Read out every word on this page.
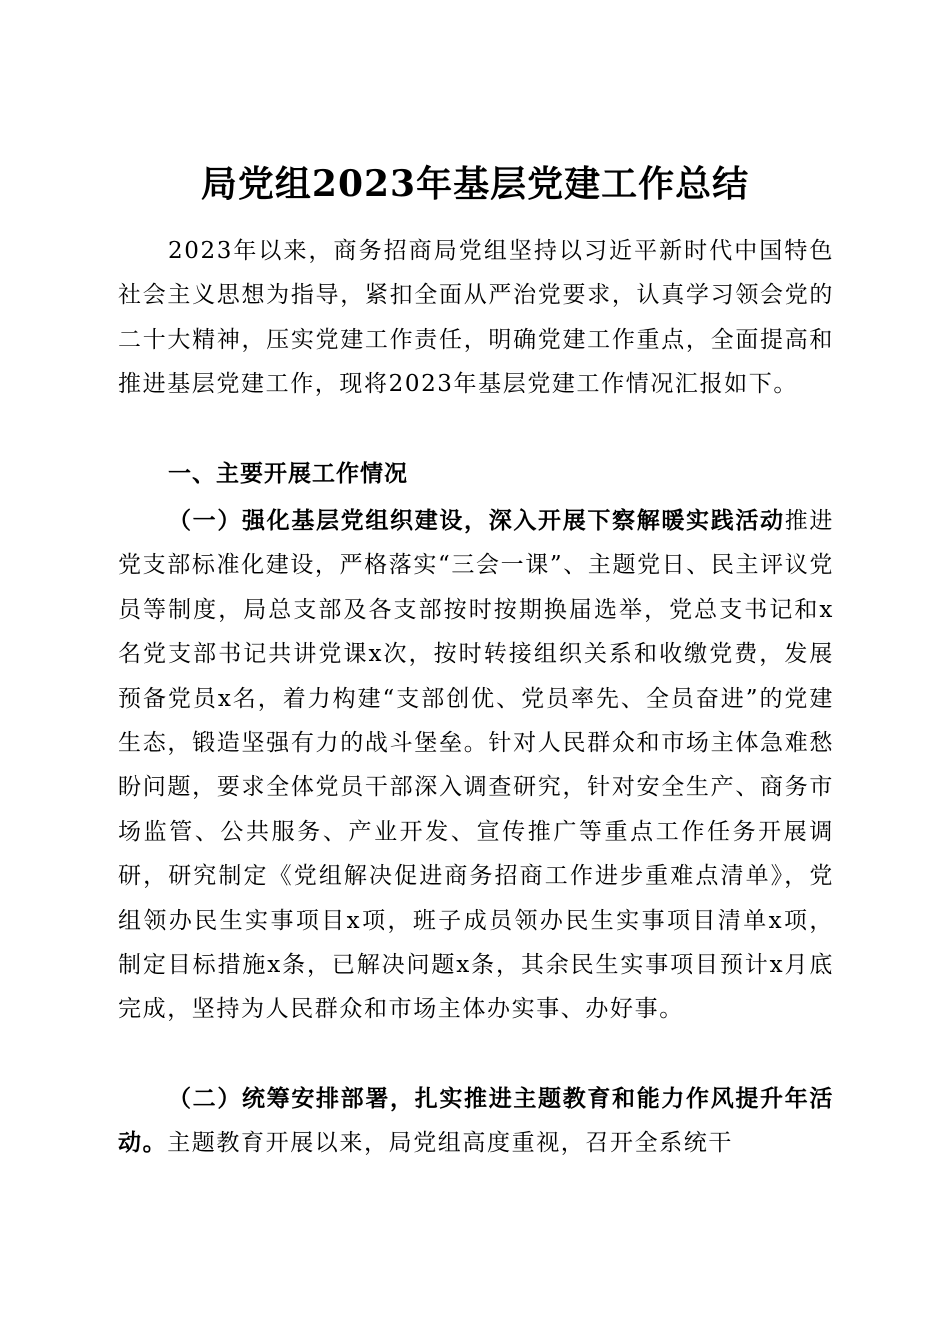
局党组2023年基层党建工作总结

2023年以来，商务招商局党组坚持以习近平新时代中国特色社会主义思想为指导，紧扣全面从严治党要求，认真学习领会党的二十大精神，压实党建工作责任，明确党建工作重点，全面提高和推进基层党建工作，现将2023年基层党建工作情况汇报如下。

一、主要开展工作情况

（一）强化基层党组织建设，深入开展下察解暖实践活动推进党支部标准化建设，严格落实“三会一课”、主题党日、民主评议党员等制度，局总支部及各支部按时按期换届选举，党总支书记和x名党支部书记共讲党课x次，按时转接组织关系和收缴党费，发展预备党员x名，着力构建“支部创优、党员率先、全员奋进”的党建生态，锻造坚强有力的战斗堡垒。针对人民群众和市场主体急难愁盼问题，要求全体党员干部深入调查研究，针对安全生产、商务市场监管、公共服务、产业开发、宣传推广等重点工作任务开展调研，研究制定《党组解决促进商务招商工作进步重难点清单》，党组领办民生实事项目x项，班子成员领办民生实事项目清单x项，制定目标措施x条，已解决问题x条，其余民生实事项目预计x月底完成，坚持为人民群众和市场主体办实事、办好事。

（二）统筹安排部署，扎实推进主题教育和能力作风提升年活动。主题教育开展以来，局党组高度重视，召开全系统干
